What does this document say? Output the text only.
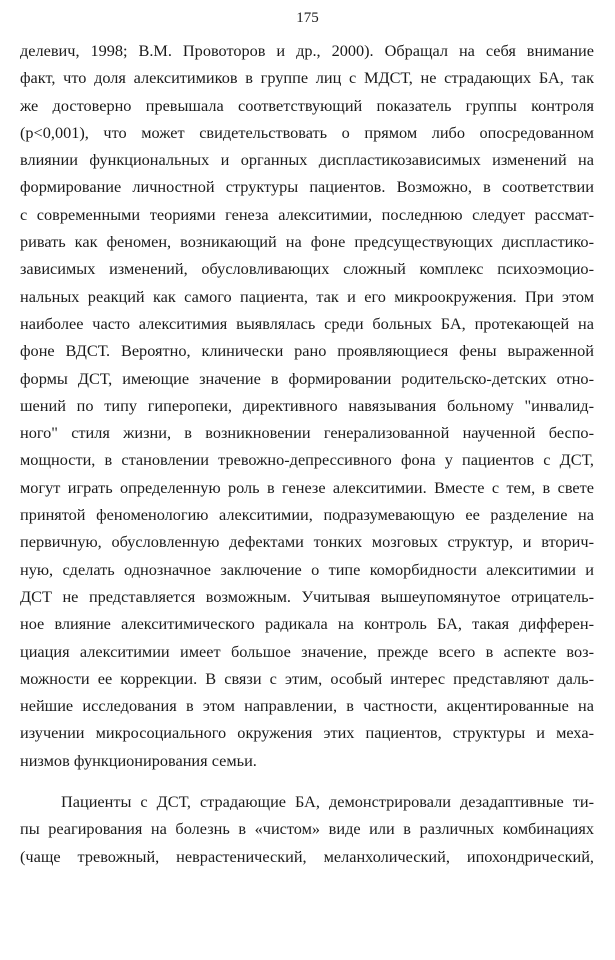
175
делевич, 1998; В.М. Провоторов и др., 2000). Обращал на себя внимание
факт, что доля алекситимиков в группе лиц с МДСТ, не страдающих БА, так
же достоверно превышала соответствующий показатель группы контроля
(p<0,001), что может свидетельствовать о прямом либо опосредованном
влиянии функциональных и органных диспластикозависимых изменений на
формирование личностной структуры пациентов. Возможно, в соответствии
с современными теориями генеза алекситимии, последнюю следует рассмат-
ривать как феномен, возникающий на фоне предсуществующих диспластико-
зависимых изменений, обусловливающих сложный комплекс психоэмоцио-
нальных реакций как самого пациента, так и его микроокружения. При этом
наиболее часто алекситимия выявлялась среди больных БА, протекающей на
фоне ВДСТ. Вероятно, клинически рано проявляющиеся фены выраженной
формы ДСТ, имеющие значение в формировании родительско-детских отно-
шений по типу гиперопеки, директивного навязывания больному "инвалид-
ного" стиля жизни, в возникновении генерализованной наученной беспо-
мощности, в становлении тревожно-депрессивного фона у пациентов с ДСТ,
могут играть определенную роль в генезе алекситимии. Вместе с тем, в свете
принятой феноменологию алекситимии, подразумевающую ее разделение на
первичную, обусловленную дефектами тонких мозговых структур, и вторич-
ную, сделать однозначное заключение о типе коморбидности алекситимии и
ДСТ не представляется возможным. Учитывая вышеупомянутое отрицатель-
ное влияние алекситимического радикала на контроль БА, такая дифферен-
циация алекситимии имеет большое значение, прежде всего в аспекте воз-
можности ее коррекции. В связи с этим, особый интерес представляют даль-
нейшие исследования в этом направлении, в частности, акцентированные на
изучении микросоциального окружения этих пациентов, структуры и меха-
низмов функционирования семьи.
Пациенты с ДСТ, страдающие БА, демонстрировали дезадаптивные ти-
пы реагирования на болезнь в «чистом» виде или в различных комбинациях
(чаще тревожный, неврастенический, меланхолический, ипохондрический,
